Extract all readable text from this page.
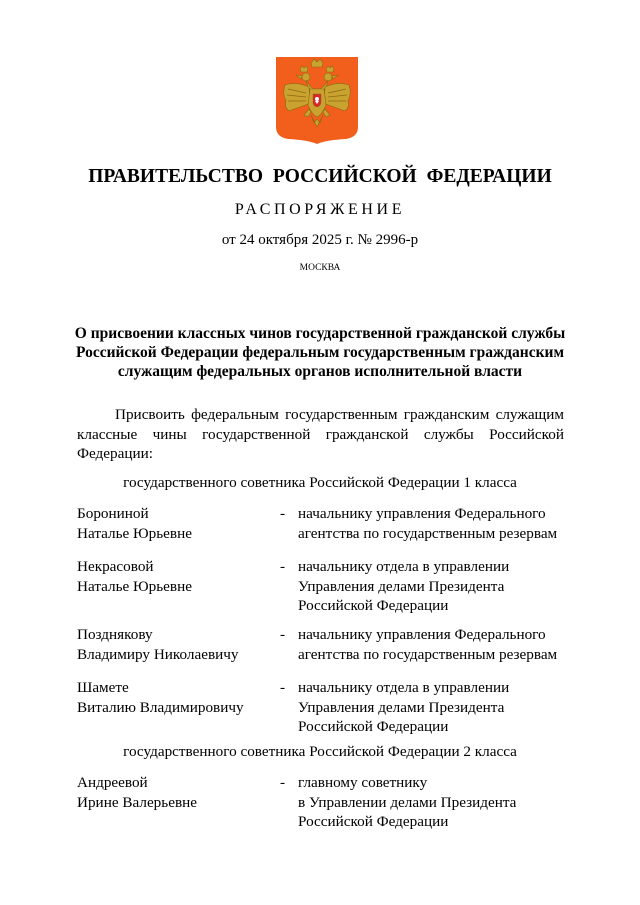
ПРАВИТЕЛЬСТВО РОССИЙСКОЙ ФЕДЕРАЦИИ
РАСПОРЯЖЕНИЕ
от 24 октября 2025 г. № 2996-р
МОСКВА
О присвоении классных чинов государственной гражданской службы Российской Федерации федеральным государственным гражданским служащим федеральных органов исполнительной власти
Присвоить федеральным государственным гражданским служащим классные чины государственной гражданской службы Российской Федерации:
государственного советника Российской Федерации 1 класса
Борониной
Наталье Юрьевне
- начальнику управления Федерального
агентства по государственным резервам
Некрасовой
Наталье Юрьевне
- начальнику отдела в управлении
Управления делами Президента
Российской Федерации
Позднякову
Владимиру Николаевичу
- начальнику управления Федерального
агентства по государственным резервам
Шамете
Виталию Владимировичу
- начальнику отдела в управлении
Управления делами Президента
Российской Федерации
государственного советника Российской Федерации 2 класса
Андреевой
Ирине Валерьевне
- главному советнику
в Управлении делами Президента
Российской Федерации
